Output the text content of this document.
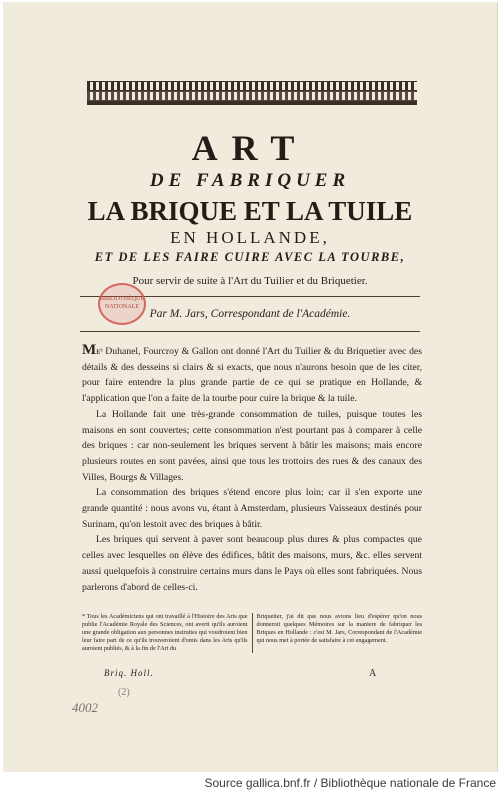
ART
DE FABRIQUER
LA BRIQUE ET LA TUILE
EN HOLLANDE,
ET DE LES FAIRE CUIRE AVEC LA TOURBE,
Pour servir de suite à l'Art du Tuilier et du Briquetier.
BIBLIOTHÈQUE NATIONALE
Par M. Jars, Correspondant de l'Académie.

Mᴇˢ Duhanel, Fourcroy & Gallon ont donné l'Art du Tuilier & du Briquetier avec des détails & des desseins si clairs & si exacts, que nous n'aurons besoin que de les citer, pour faire entendre la plus grande partie de ce qui se pratique en Hollande, & l'application que l'on a faite de la tourbe pour cuire la brique & la tuile.

La Hollande fait une très-grande consommation de tuiles, puisque toutes les maisons en sont couvertes; cette consommation n'est pourtant pas à comparer à celle des briques : car non-seulement les briques servent à bâtir les maisons; mais encore plusieurs routes en sont pavées, ainsi que tous les trottoirs des rues & des canaux des Villes, Bourgs & Villages.

La consommation des briques s'étend encore plus loin; car il s'en exporte une grande quantité : nous avons vu, étant à Amsterdam, plusieurs Vaisseaux destinés pour Surinam, qu'on lestoit avec des briques à bâtir.

Les briques qui servent à paver sont beaucoup plus dures & plus compactes que celles avec lesquelles on élève des édifices, bâtit des maisons, murs, &c. elles servent aussi quelquefois à construire certains murs dans le Pays où elles sont fabriquées. Nous parlerons d'abord de celles-ci.

* Tous les Académiciens qui ont travaillé à l'Histoire des Arts que publie l'Académie Royale des Sciences, ont averti qu'ils auroient une grande obligation aux personnes instruites qui voudroient bien leur faire part de ce qu'ils trouveroient d'omis dans les Arts qu'ils auroient publiés, & à la fin de l'Art du
Briquetier, j'ai dit que nous avions lieu d'espérer qu'on nous donneroit quelques Mémoires sur la maniere de fabriquer les Briques en Hollande : c'est M. Jars, Correspondant de l'Académie qui nous met à portée de satisfaire à cet engagement.
Briq. Holl.	A
(2)
4002
Source gallica.bnf.fr / Bibliothèque nationale de France
